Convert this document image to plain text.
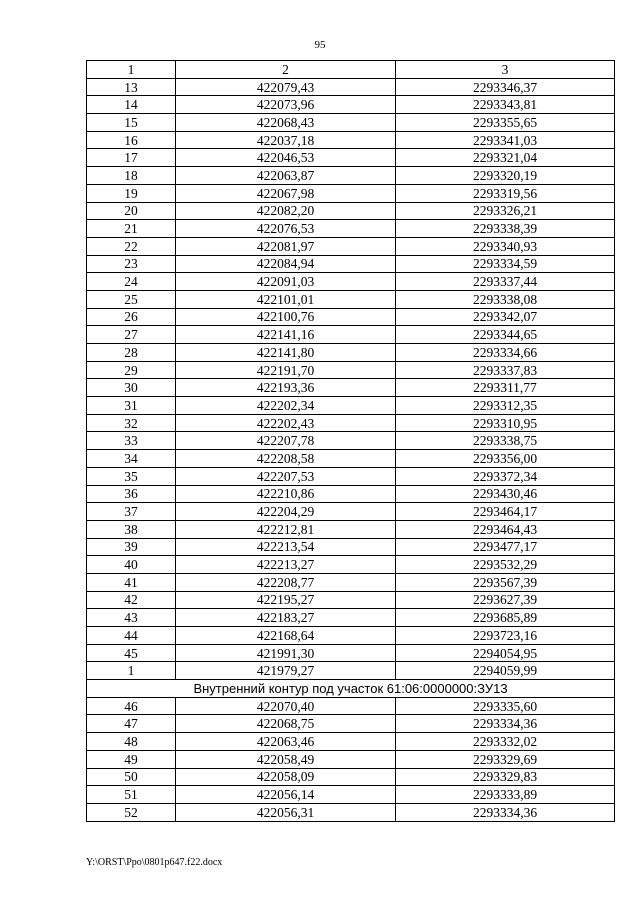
95
1	2	3
13	422079,43	2293346,37
14	422073,96	2293343,81
15	422068,43	2293355,65
16	422037,18	2293341,03
17	422046,53	2293321,04
18	422063,87	2293320,19
19	422067,98	2293319,56
20	422082,20	2293326,21
21	422076,53	2293338,39
22	422081,97	2293340,93
23	422084,94	2293334,59
24	422091,03	2293337,44
25	422101,01	2293338,08
26	422100,76	2293342,07
27	422141,16	2293344,65
28	422141,80	2293334,66
29	422191,70	2293337,83
30	422193,36	2293311,77
31	422202,34	2293312,35
32	422202,43	2293310,95
33	422207,78	2293338,75
34	422208,58	2293356,00
35	422207,53	2293372,34
36	422210,86	2293430,46
37	422204,29	2293464,17
38	422212,81	2293464,43
39	422213,54	2293477,17
40	422213,27	2293532,29
41	422208,77	2293567,39
42	422195,27	2293627,39
43	422183,27	2293685,89
44	422168,64	2293723,16
45	421991,30	2294054,95
1	421979,27	2294059,99
Внутренний контур под участок 61:06:0000000:ЗУ13		
46	422070,40	2293335,60
47	422068,75	2293334,36
48	422063,46	2293332,02
49	422058,49	2293329,69
50	422058,09	2293329,83
51	422056,14	2293333,89
52	422056,31	2293334,36
Y:\ORST\Ppo\0801p647.f22.docx
